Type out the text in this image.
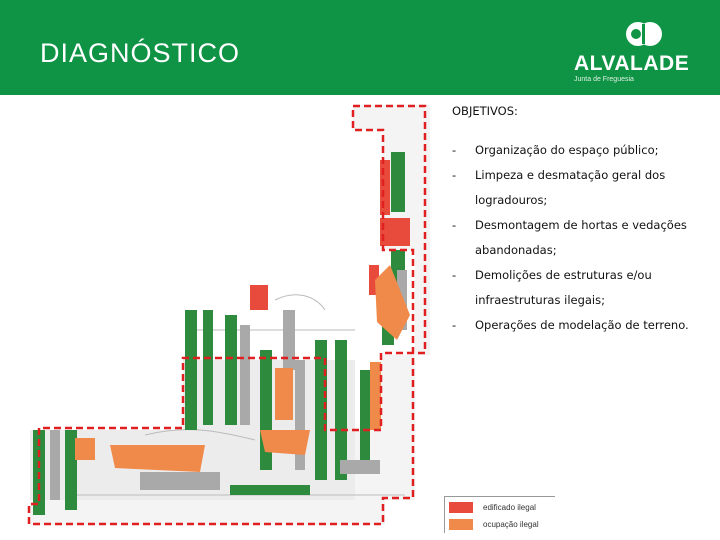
DIAGNÓSTICO	ALVALADE
Junta de Freguesia
OBJETIVOS:
- Organização do espaço público;
- Limpeza e desmatação geral dos logradouros;
- Desmontagem de hortas e vedações abandonadas;
- Demolições de estruturas e/ou infraestruturas ilegais;
- Operações de modelação de terreno.
edificado ilegal
ocupação ilegal
